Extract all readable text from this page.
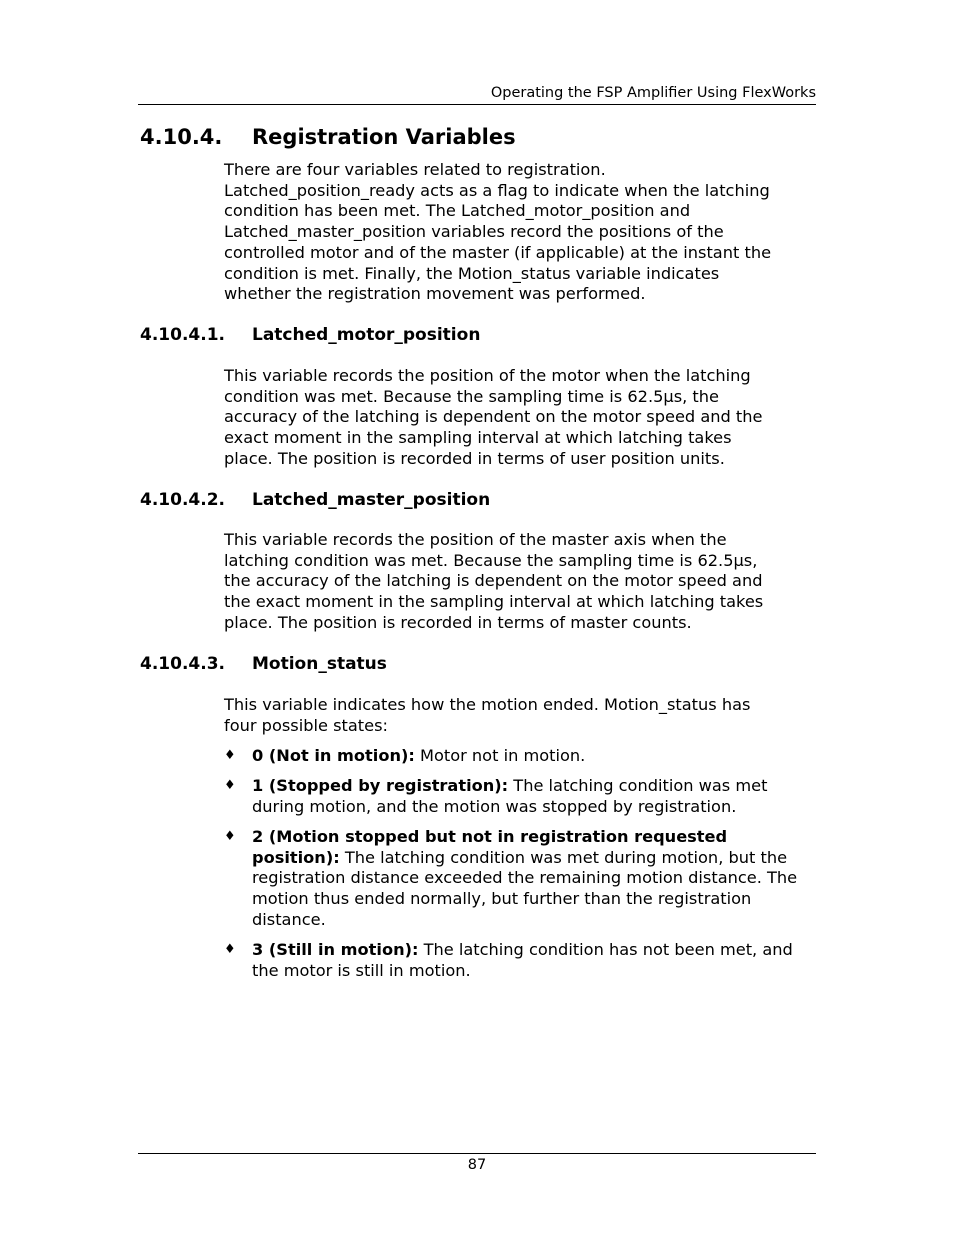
Operating the FSP Amplifier Using FlexWorks
4.10.4. Registration Variables
There are four variables related to registration.
Latched_position_ready acts as a flag to indicate when the latching
condition has been met. The Latched_motor_position and
Latched_master_position variables record the positions of the
controlled motor and of the master (if applicable) at the instant the
condition is met. Finally, the Motion_status variable indicates
whether the registration movement was performed.
4.10.4.1. Latched_motor_position
This variable records the position of the motor when the latching
condition was met. Because the sampling time is 62.5µs, the
accuracy of the latching is dependent on the motor speed and the
exact moment in the sampling interval at which latching takes
place. The position is recorded in terms of user position units.
4.10.4.2. Latched_master_position
This variable records the position of the master axis when the
latching condition was met. Because the sampling time is 62.5µs,
the accuracy of the latching is dependent on the motor speed and
the exact moment in the sampling interval at which latching takes
place. The position is recorded in terms of master counts.
4.10.4.3. Motion_status
This variable indicates how the motion ended. Motion_status has
four possible states:
♦ 0 (Not in motion): Motor not in motion.
♦ 1 (Stopped by registration): The latching condition was met during motion, and the motion was stopped by registration.
♦ 2 (Motion stopped but not in registration requested position): The latching condition was met during motion, but the registration distance exceeded the remaining motion distance. The motion thus ended normally, but further than the registration distance.
♦ 3 (Still in motion): The latching condition has not been met, and the motor is still in motion.
87
